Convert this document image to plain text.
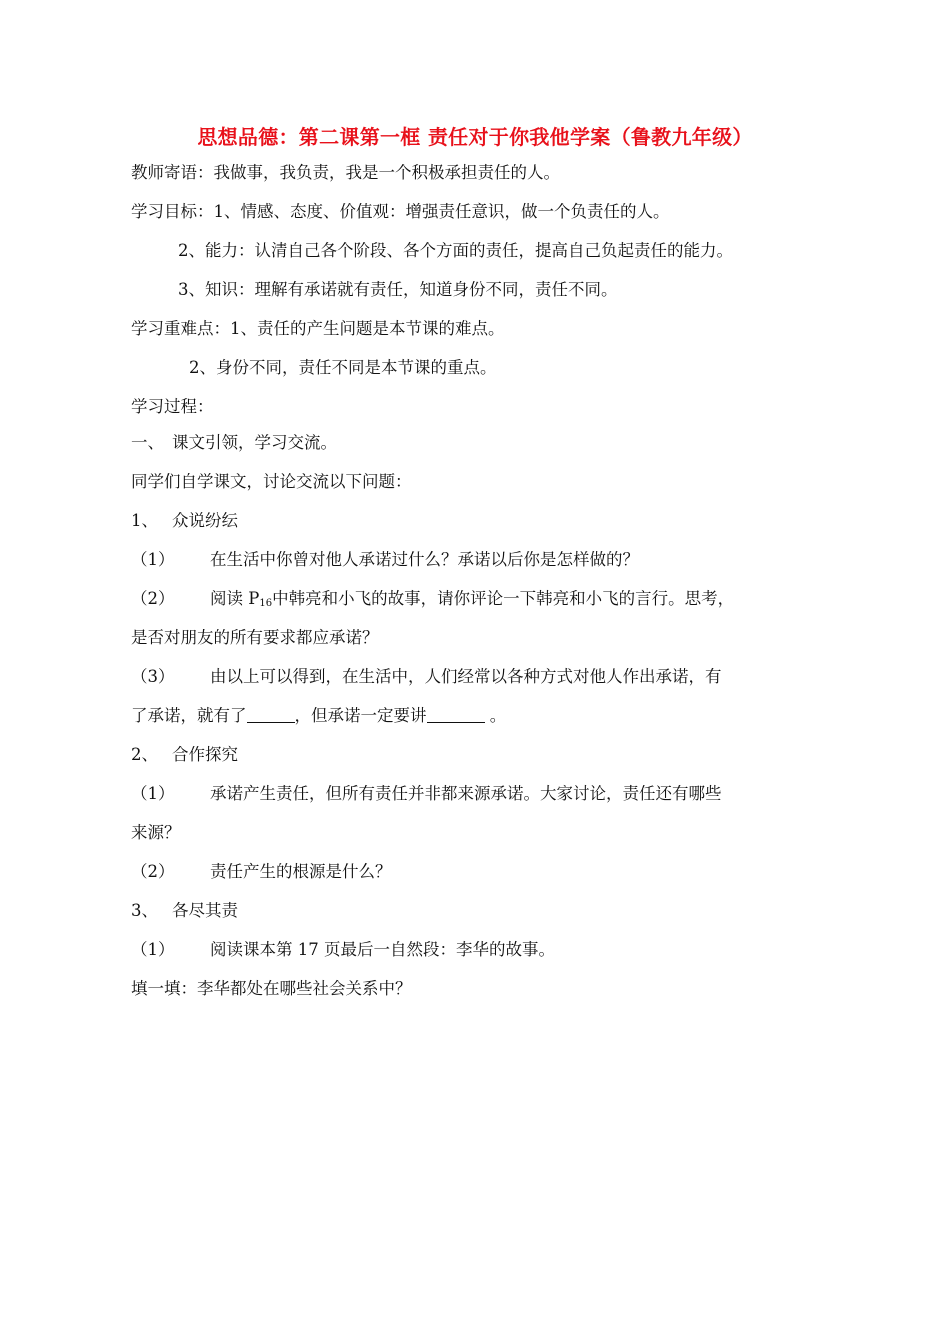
思想品德：第二课第一框 责任对于你我他学案（鲁教九年级）
教师寄语：我做事，我负责，我是一个积极承担责任的人。
学习目标：1、情感、态度、价值观：增强责任意识，做一个负责任的人。
2、能力：认清自己各个阶段、各个方面的责任，提高自己负起责任的能力。
3、知识：理解有承诺就有责任，知道身份不同，责任不同。
学习重难点：1、责任的产生问题是本节课的难点。
2、身份不同，责任不同是本节课的重点。
学习过程：
一、 课文引领，学习交流。
同学们自学课文，讨论交流以下问题：
1、 众说纷纭
（1） 在生活中你曾对他人承诺过什么？承诺以后你是怎样做的？
（2） 阅读 $P_{16}$中韩亮和小飞的故事，请你评论一下韩亮和小飞的言行。思考，
是否对朋友的所有要求都应承诺？
（3） 由以上可以得到，在生活中，人们经常以各种方式对他人作出承诺，有
了承诺，就有了	，但承诺一定要讲	。
2、 合作探究
（1） 承诺产生责任，但所有责任并非都来源承诺。大家讨论，责任还有哪些
来源？
（2） 责任产生的根源是什么？
3、 各尽其责
（1） 阅读课本第 17 页最后一自然段：李华的故事。
填一填：李华都处在哪些社会关系中？
